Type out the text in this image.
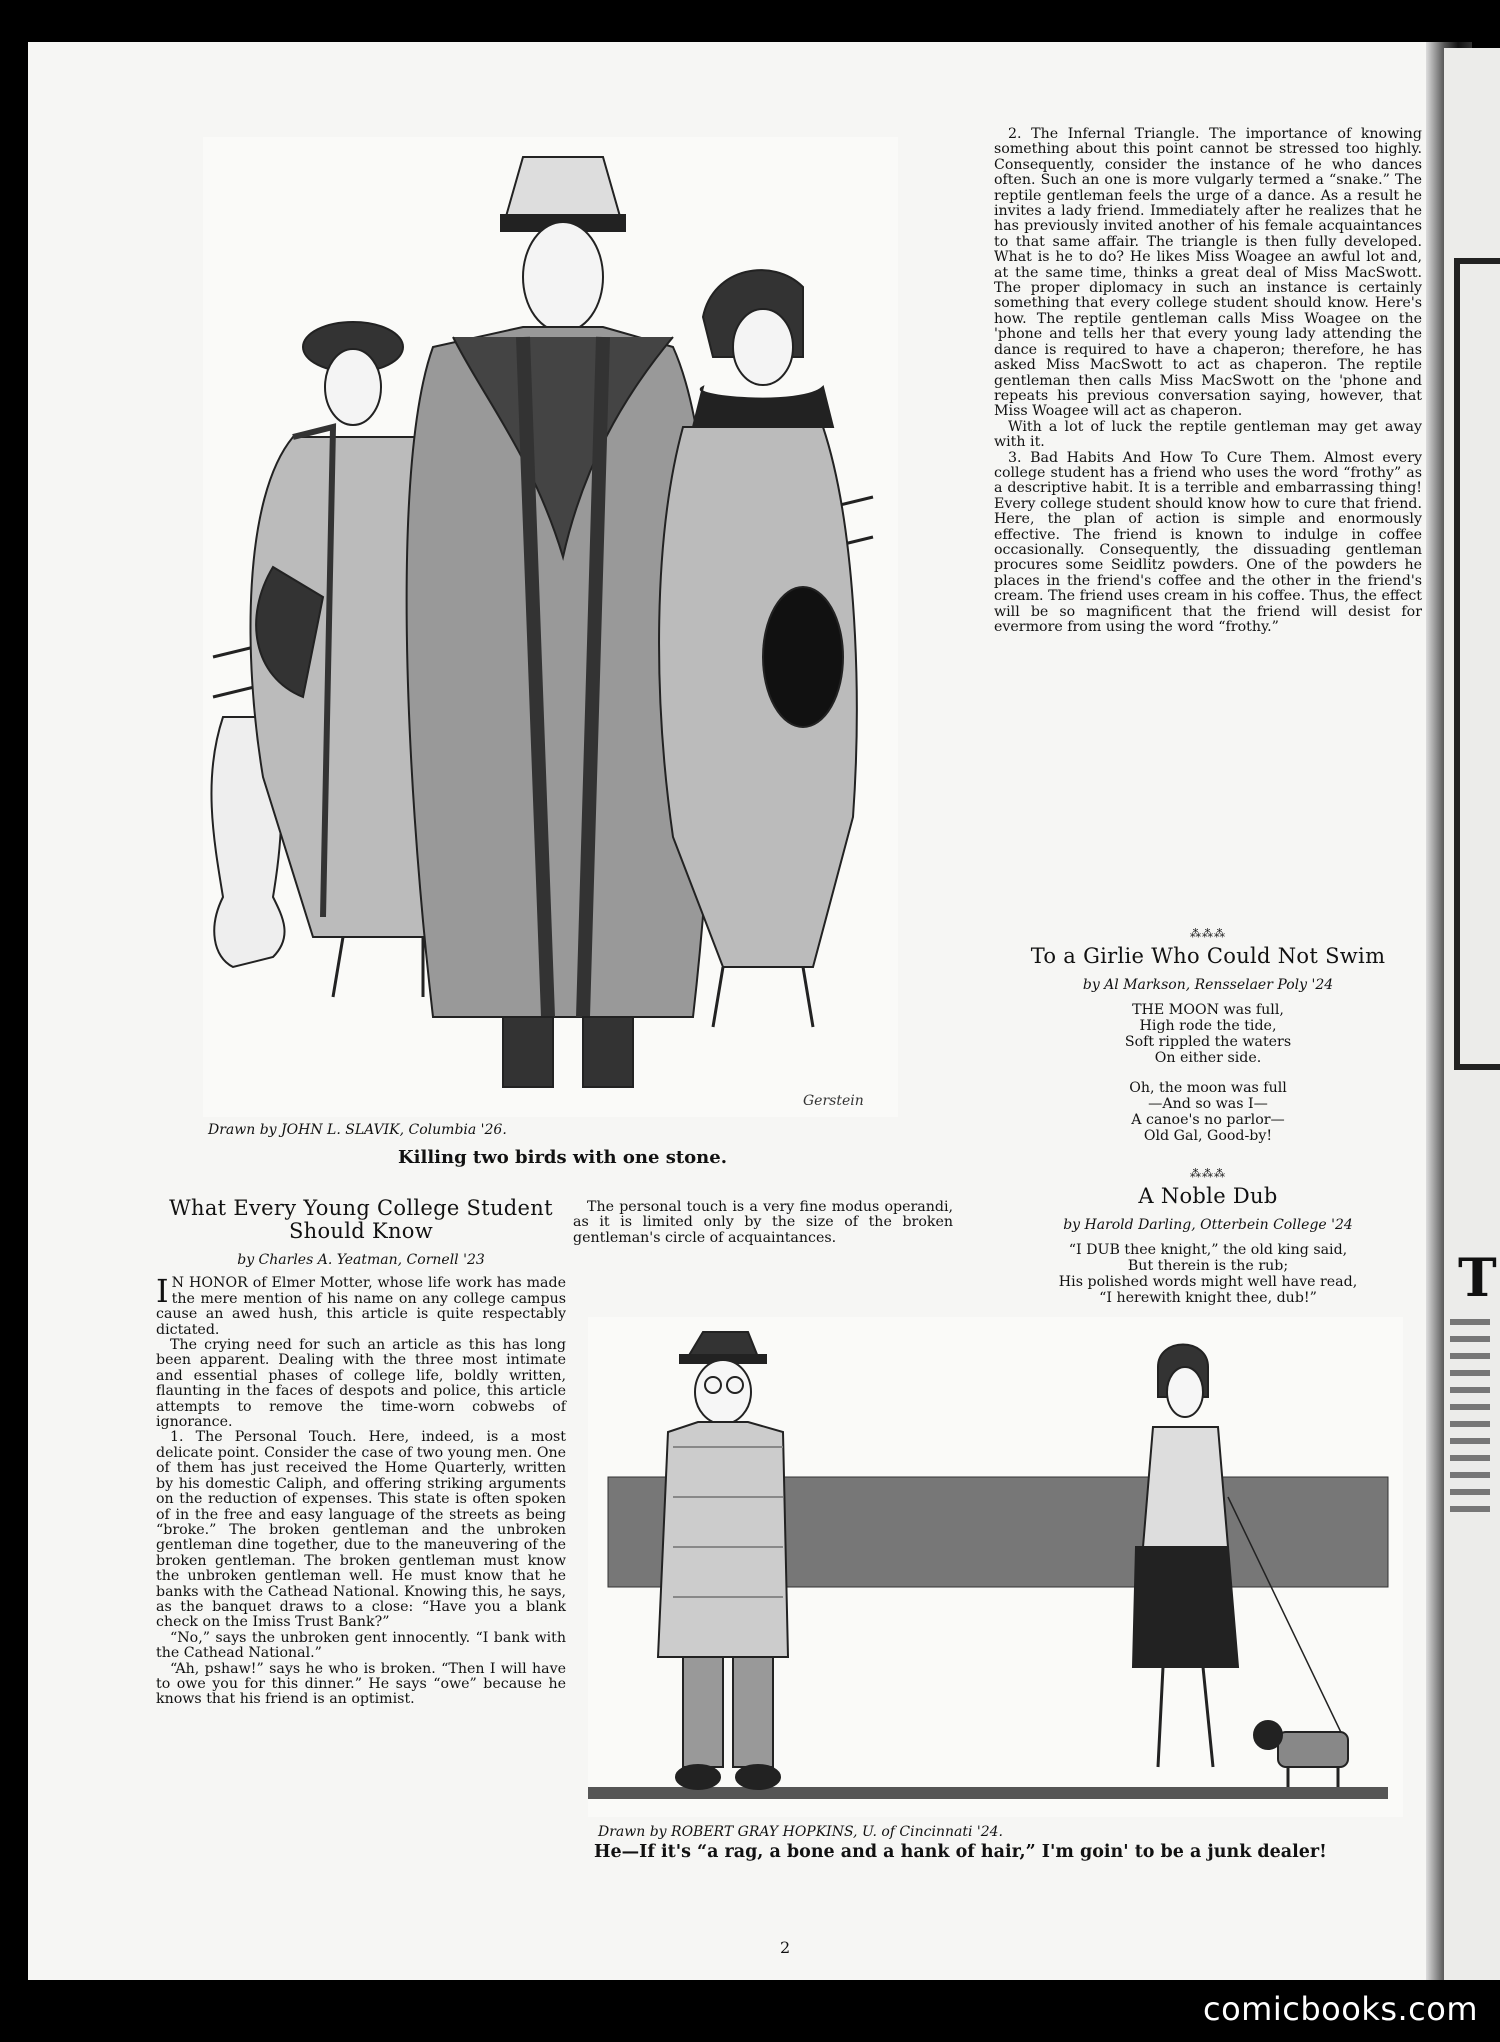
Gerstein
Drawn by JOHN L. SLAVIK, Columbia '26.
Killing two birds with one stone.
What Every Young College Student Should Know
by Charles A. Yeatman, Cornell '23

I N HONOR of Elmer Motter, whose life work has made the mere mention of his name on any college campus cause an awed hush, this article is quite respectably dictated.

The crying need for such an article as this has long been apparent. Dealing with the three most intimate and essential phases of college life, boldly written, flaunting in the faces of despots and police, this article attempts to remove the time-worn cobwebs of ignorance.

1. The Personal Touch. Here, indeed, is a most delicate point. Consider the case of two young men. One of them has just received the Home Quarterly, written by his domestic Caliph, and offering striking arguments on the reduction of expenses. This state is often spoken of in the free and easy language of the streets as being “broke.” The broken gentleman and the unbroken gentleman dine together, due to the maneuvering of the broken gentleman. The broken gentleman must know the unbroken gentleman well. He must know that he banks with the Cathead National. Knowing this, he says, as the banquet draws to a close: “Have you a blank check on the Imiss Trust Bank?”

“No,” says the unbroken gent innocently. “I bank with the Cathead National.”

“Ah, pshaw!” says he who is broken. “Then I will have to owe you for this dinner.” He says “owe” because he knows that his friend is an optimist.

The personal touch is a very fine modus operandi, as it is limited only by the size of the broken gentleman's circle of acquaintances.

2. The Infernal Triangle. The importance of knowing something about this point cannot be stressed too highly. Consequently, consider the instance of he who dances often. Such an one is more vulgarly termed a “snake.” The reptile gentleman feels the urge of a dance. As a result he invites a lady friend. Immediately after he realizes that he has previously invited another of his female acquaintances to that same affair. The triangle is then fully developed. What is he to do? He likes Miss Woagee an awful lot and, at the same time, thinks a great deal of Miss MacSwott. The proper diplomacy in such an instance is certainly something that every college student should know. Here's how. The reptile gentleman calls Miss Woagee on the 'phone and tells her that every young lady attending the dance is required to have a chaperon; therefore, he has asked Miss MacSwott to act as chaperon. The reptile gentleman then calls Miss MacSwott on the 'phone and repeats his previous conversation saying, however, that Miss Woagee will act as chaperon.

With a lot of luck the reptile gentleman may get away with it.

3. Bad Habits And How To Cure Them. Almost every college student has a friend who uses the word “frothy” as a descriptive habit. It is a terrible and embarrassing thing! Every college student should know how to cure that friend. Here, the plan of action is simple and enormously effective. The friend is known to indulge in coffee occasionally. Consequently, the dissuading gentleman procures some Seidlitz powders. One of the powders he places in the friend's coffee and the other in the friend's cream. The friend uses cream in his coffee. Thus, the effect will be so magnificent that the friend will desist for evermore from using the word “frothy.”

⁂⁂⁂
To a Girlie Who Could Not Swim
by Al Markson, Rensselaer Poly '24
THE MOON was full,
High rode the tide,
Soft rippled the waters
On either side.
Oh, the moon was full
—And so was I—
A canoe's no parlor—
Old Gal, Good-by!
⁂⁂⁂
A Noble Dub
by Harold Darling, Otterbein College '24
“I DUB thee knight,” the old king said,
But therein is the rub;
His polished words might well have read,
“I herewith knight thee, dub!”
Drawn by ROBERT GRAY HOPKINS, U. of Cincinnati '24.
He—If it's “a rag, a bone and a hank of hair,” I'm goin' to be a junk dealer!
2
T
comicbooks.com
